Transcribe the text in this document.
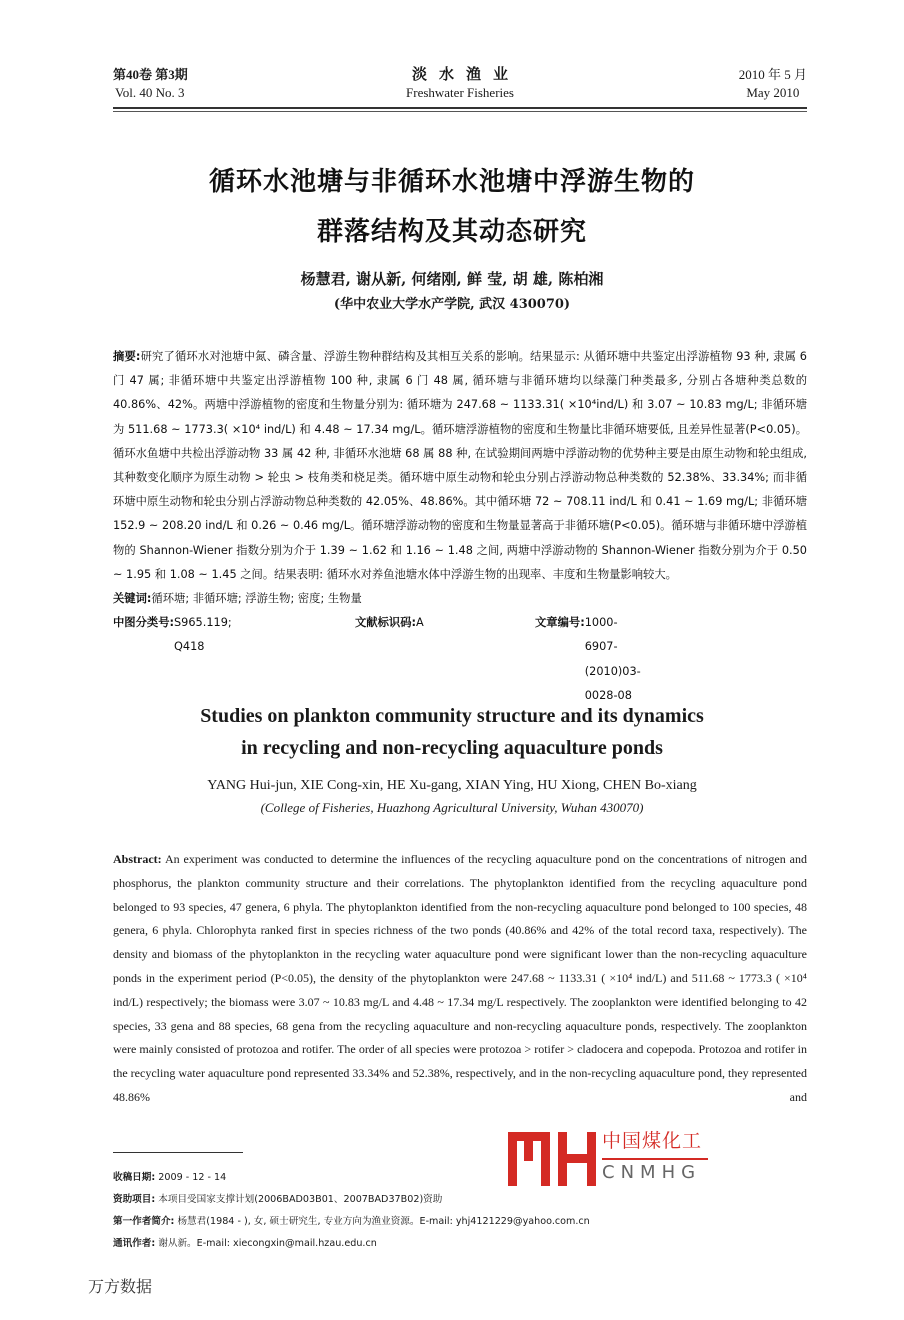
第40卷 第3期
Vol. 40 No. 3
淡水渔业
Freshwater Fisheries
2010 年 5 月
May 2010
循环水池塘与非循环水池塘中浮游生物的
群落结构及其动态研究
杨慧君, 谢从新, 何绪刚, 鲜 莹, 胡 雄, 陈柏湘
(华中农业大学水产学院, 武汉 430070)
摘要:研究了循环水对池塘中氮、磷含量、浮游生物种群结构及其相互关系的影响。结果显示: 从循环塘中共鉴定出浮游植物 93 种, 隶属 6 门 47 属; 非循环塘中共鉴定出浮游植物 100 种, 隶属 6 门 48 属, 循环塘与非循环塘均以绿藻门种类最多, 分别占各塘种类总数的 40.86%、42%。两塘中浮游植物的密度和生物量分别为: 循环塘为 247.68 ~ 1133.31( ×10⁴ind/L) 和 3.07 ~ 10.83 mg/L; 非循环塘为 511.68 ~ 1773.3( ×10⁴ ind/L) 和 4.48 ~ 17.34 mg/L。循环塘浮游植物的密度和生物量比非循环塘要低, 且差异性显著(P<0.05)。循环水鱼塘中共检出浮游动物 33 属 42 种, 非循环水池塘 68 属 88 种, 在试验期间两塘中浮游动物的优势种主要是由原生动物和轮虫组成, 其种数变化顺序为原生动物 > 轮虫 > 枝角类和桡足类。循环塘中原生动物和轮虫分别占浮游动物总种类数的 52.38%、33.34%; 而非循环塘中原生动物和轮虫分别占浮游动物总种类数的 42.05%、48.86%。其中循环塘 72 ~ 708.11 ind/L 和 0.41 ~ 1.69 mg/L; 非循环塘 152.9 ~ 208.20 ind/L 和 0.26 ~ 0.46 mg/L。循环塘浮游动物的密度和生物量显著高于非循环塘(P<0.05)。循环塘与非循环塘中浮游植物的 Shannon-Wiener 指数分别为介于 1.39 ~ 1.62 和 1.16 ~ 1.48 之间, 两塘中浮游动物的 Shannon-Wiener 指数分别为介于 0.50 ~ 1.95 和 1.08 ~ 1.45 之间。结果表明: 循环水对养鱼池塘水体中浮游生物的出现率、丰度和生物量影响较大。
关键词:循环塘; 非循环塘; 浮游生物; 密度; 生物量
中图分类号: S965.119; Q418
文献标识码: A	文章编号: 1000-6907-(2010)03-0028-08
Studies on plankton community structure and its dynamics
in recycling and non-recycling aquaculture ponds
YANG Hui-jun, XIE Cong-xin, HE Xu-gang, XIAN Ying, HU Xiong, CHEN Bo-xiang
(College of Fisheries, Huazhong Agricultural University, Wuhan 430070)
Abstract: An experiment was conducted to determine the influences of the recycling aquaculture pond on the concentrations of nitrogen and phosphorus, the plankton community structure and their correlations. The phytoplankton identified from the recycling aquaculture pond belonged to 93 species, 47 genera, 6 phyla. The phytoplankton identified from the non-recycling aquaculture pond belonged to 100 species, 48 genera, 6 phyla. Chlorophyta ranked first in species richness of the two ponds (40.86% and 42% of the total record taxa, respectively). The density and biomass of the phytoplankton in the recycling water aquaculture pond were significant lower than the non-recycling aquaculture ponds in the experiment period (P<0.05), the density of the phytoplankton were 247.68 ~ 1133.31 ( ×10⁴ ind/L) and 511.68 ~ 1773.3 ( ×10⁴ ind/L) respectively; the biomass were 3.07 ~ 10.83 mg/L and 4.48 ~ 17.34 mg/L respectively. The zooplankton were identified belonging to 42 species, 33 gena and 88 species, 68 gena from the recycling aquaculture and non-recycling aquaculture ponds, respectively. The zooplankton were mainly consisted of protozoa and rotifer. The order of all species were protozoa > rotifer > cladocera and copepoda. Protozoa and rotifer in the recycling water aquaculture pond represented 33.34% and 52.38%, respectively, and in the non-recycling aquaculture pond, they represented 48.86% and
中国煤化工
CNMHG
收稿日期: 2009 - 12 - 14
资助项目: 本项目受国家支撑计划(2006BAD03B01、2007BAD37B02)资助
第一作者简介: 杨慧君(1984 - ), 女, 硕士研究生, 专业方向为渔业资源。E-mail: yhj4121229@yahoo.com.cn
通讯作者: 谢从新。E-mail: xiecongxin@mail.hzau.edu.cn
万方数据
